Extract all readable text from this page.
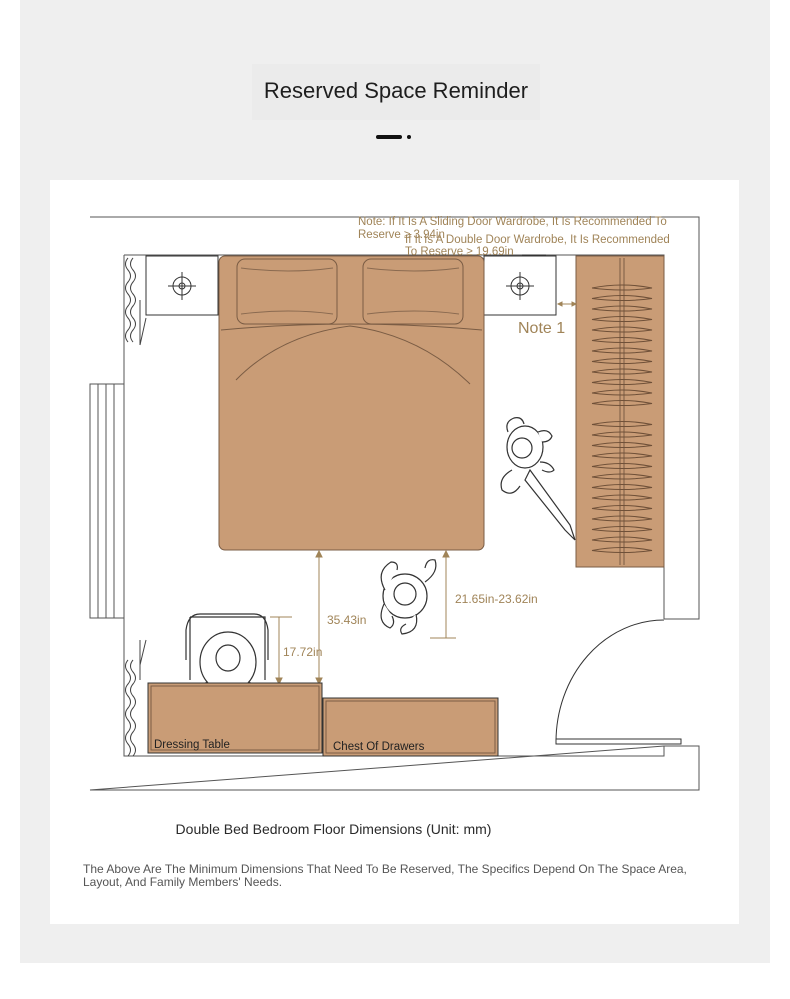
Reserved Space Reminder
Note: If It Is A Sliding Door Wardrobe, It Is Recommended To
Reserve ≥ 3.94in
If It Is A Double Door Wardrobe, It Is Recommended
To Reserve ≥ 19.69in
Note 1
35.43in
21.65in-23.62in
17.72in
Dressing Table	Chest Of Drawers
Double Bed Bedroom Floor Dimensions (Unit: mm)
The Above Are The Minimum Dimensions That Need To Be Reserved, The Specifics Depend On The Space Area, Layout, And Family Members' Needs.
